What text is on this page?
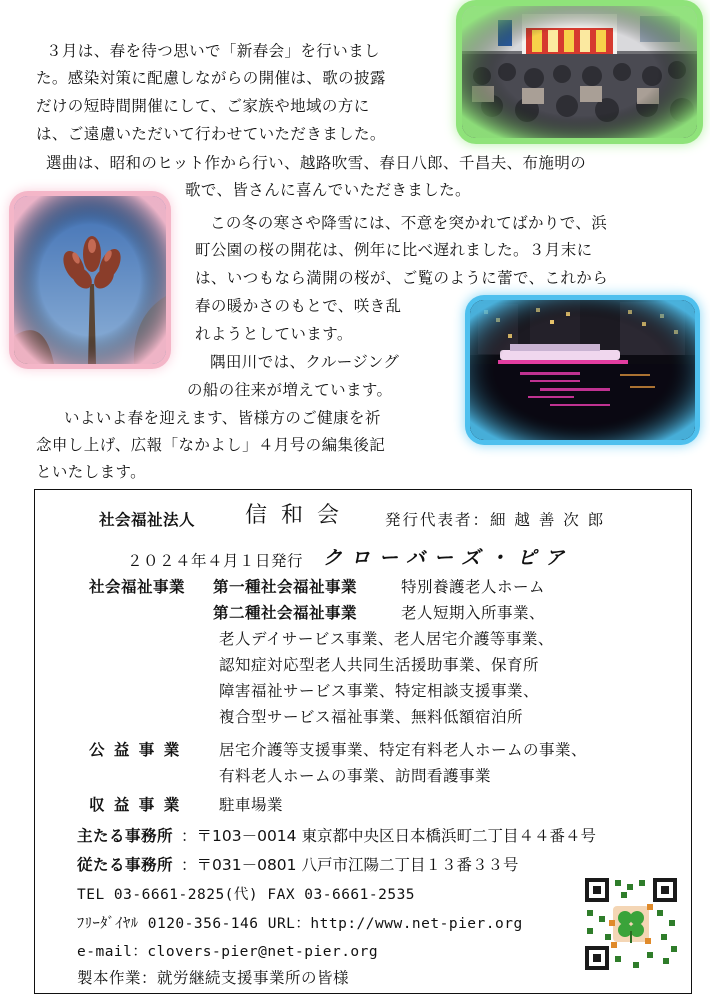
３月は、春を待つ思いで「新春会」を行いまし
た。感染対策に配慮しながらの開催は、歌の披露
だけの短時間開催にして、ご家族や地域の方に
は、ご遠慮いただいて行わせていただきました。
選曲は、昭和のヒット作から行い、越路吹雪、春日八郎、千昌夫、布施明の
歌で、皆さんに喜んでいただきました。
この冬の寒さや降雪には、不意を突かれてばかりで、浜
町公園の桜の開花は、例年に比べ遅れました。３月末に
は、いつもなら満開の桜が、ご覧のように蕾で、これから
春の暖かさのもとで、咲き乱
れようとしています。
隅田川では、クルージング
の船の往来が増えています。
いよいよ春を迎えます、皆様方のご健康を祈
念申し上げ、広報「なかよし」４月号の編集後記
といたします。
社会福祉法人 信和会 発行代表者：細 越 善 次 郎
２０２４年４月１日発行 クローバーズ・ピア
社会福祉事業 第一種社会福祉事業	特別養護老人ホーム
第二種社会福祉事業	老人短期入所事業、
老人デイサービス事業、老人居宅介護等事業、
認知症対応型老人共同生活援助事業、保育所
障害福祉サービス事業、特定相談支援事業、
複合型サービス福祉事業、無料低額宿泊所
公 益 事 業 居宅介護等支援事業、特定有料老人ホームの事業、
有料老人ホームの事業、訪問看護事業
収 益 事 業 駐車場業
主たる事務所 ：〒103－0014 東京都中央区日本橋浜町二丁目４４番４号
従たる事務所 ：〒031－0801 八戸市江陽二丁目１３番３３号
TEL 03-6661-2825(代) FAX 03-6661-2535
ﾌﾘｰﾀﾞｲﾔﾙ 0120-356-146 URL：http://www.net-pier.org
e-mail：clovers-pier@net-pier.org
製本作業：就労継続支援事業所の皆様
